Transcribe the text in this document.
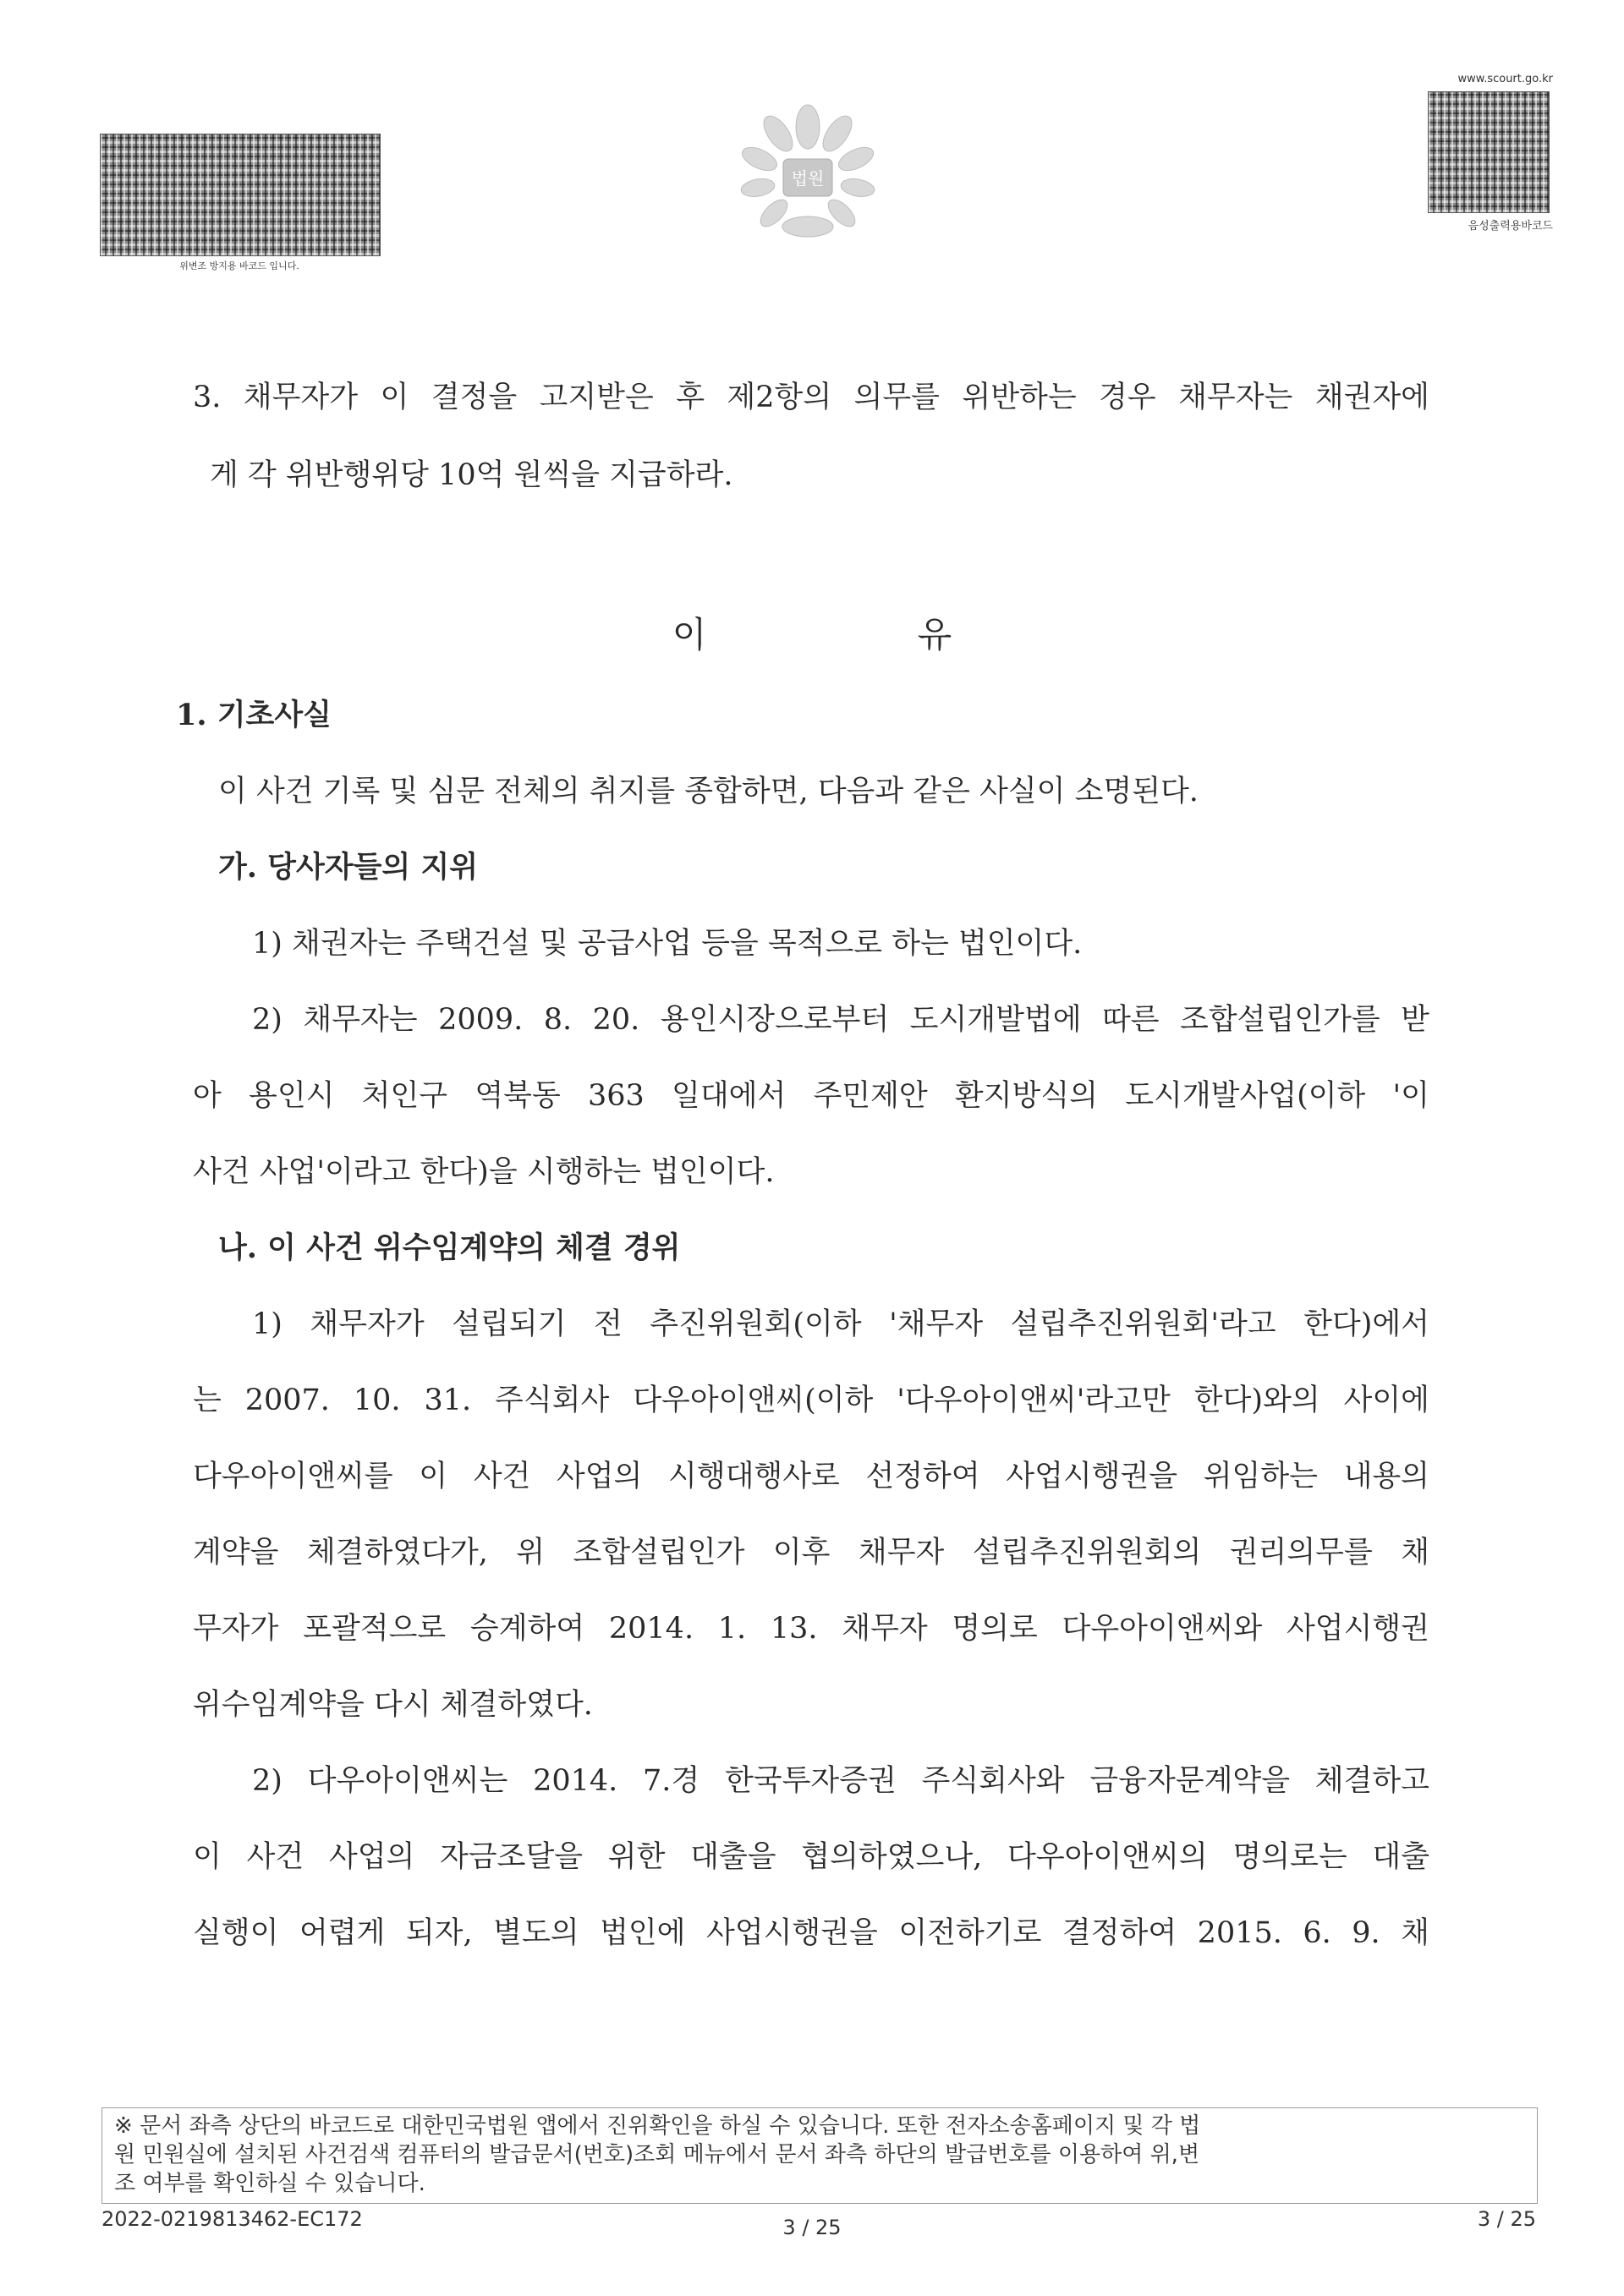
위변조 방지용 바코드 입니다.
법원
www.scourt.go.kr
음성출력용바코드
3. 채무자가 이 결정을 고지받은 후 제2항의 의무를 위반하는 경우 채무자는 채권자에
게 각 위반행위당 10억 원씩을 지급하라.
이 유
1. 기초사실
이 사건 기록 및 심문 전체의 취지를 종합하면, 다음과 같은 사실이 소명된다.
가. 당사자들의 지위
1) 채권자는 주택건설 및 공급사업 등을 목적으로 하는 법인이다.
2) 채무자는 2009. 8. 20. 용인시장으로부터 도시개발법에 따른 조합설립인가를 받
아 용인시 처인구 역북동 363 일대에서 주민제안 환지방식의 도시개발사업(이하 '이
사건 사업'이라고 한다)을 시행하는 법인이다.
나. 이 사건 위수임계약의 체결 경위
1) 채무자가 설립되기 전 추진위원회(이하 '채무자 설립추진위원회'라고 한다)에서
는 2007. 10. 31. 주식회사 다우아이앤씨(이하 '다우아이앤씨'라고만 한다)와의 사이에
다우아이앤씨를 이 사건 사업의 시행대행사로 선정하여 사업시행권을 위임하는 내용의
계약을 체결하였다가, 위 조합설립인가 이후 채무자 설립추진위원회의 권리의무를 채
무자가 포괄적으로 승계하여 2014. 1. 13. 채무자 명의로 다우아이앤씨와 사업시행권
위수임계약을 다시 체결하였다.
2) 다우아이앤씨는 2014. 7.경 한국투자증권 주식회사와 금융자문계약을 체결하고
이 사건 사업의 자금조달을 위한 대출을 협의하였으나, 다우아이앤씨의 명의로는 대출
실행이 어렵게 되자, 별도의 법인에 사업시행권을 이전하기로 결정하여 2015. 6. 9. 채
※ 문서 좌측 상단의 바코드로 대한민국법원 앱에서 진위확인을 하실 수 있습니다. 또한 전자소송홈페이지 및 각 법
원 민원실에 설치된 사건검색 컴퓨터의 발급문서(번호)조회 메뉴에서 문서 좌측 하단의 발급번호를 이용하여 위,변
조 여부를 확인하실 수 있습니다.
2022-0219813462-EC172	3 / 25	3 / 25
